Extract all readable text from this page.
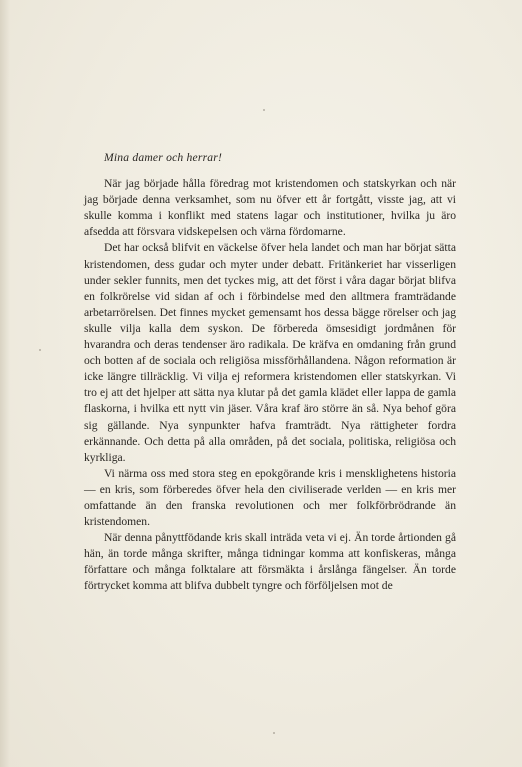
Mina damer och herrar!

När jag började hålla föredrag mot kristendomen och statskyrkan och när jag började denna verksamhet, som nu öfver ett år fortgått, visste jag, att vi skulle komma i konflikt med statens lagar och institutioner, hvilka ju äro afsedda att försvara vidskepelsen och värna fördomarne.

Det har också blifvit en väckelse öfver hela landet och man har börjat sätta kristendomen, dess gudar och myter under debatt. Fritänkeriet har visserligen under sekler funnits, men det tyckes mig, att det först i våra dagar börjat blifva en folkrörelse vid sidan af och i förbindelse med den alltmera framträdande arbetarrörelsen. Det finnes mycket gemensamt hos dessa bägge rörelser och jag skulle vilja kalla dem syskon. De förbereda ömsesidigt jordmånen för hvarandra och deras tendenser äro radikala. De kräfva en omdaning från grund och botten af de sociala och religiösa missförhållandena. Någon reformation är icke längre tillräcklig. Vi vilja ej reformera kristendomen eller statskyrkan. Vi tro ej att det hjelper att sätta nya klutar på det gamla klädet eller lappa de gamla flaskorna, i hvilka ett nytt vin jäser. Våra kraf äro större än så. Nya behof göra sig gällande. Nya synpunkter hafva framträdt. Nya rättigheter fordra erkännande. Och detta på alla områden, på det sociala, politiska, religiösa och kyrkliga.

Vi närma oss med stora steg en epokgörande kris i mensklighetens historia — en kris, som förberedes öfver hela den civiliserade verlden — en kris mer omfattande än den franska revolutionen och mer folkförbrödrande än kristendomen.

När denna pånyttfödande kris skall inträda veta vi ej. Än torde årtionden gå hän, än torde många skrifter, många tidningar komma att konfiskeras, många författare och många folktalare att försmäkta i årslånga fängelser. Än torde förtrycket komma att blifva dubbelt tyngre och förföljelsen mot de
